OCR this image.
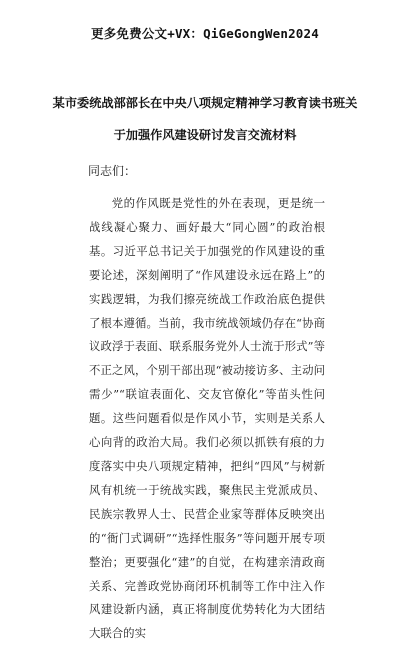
更多免费公文+VX：QiGeGongWen2024
某市委统战部部长在中央八项规定精神学习教育读书班关
于加强作风建设研讨发言交流材料
同志们：
党的作风既是党性的外在表现，更是统一战线凝心聚力、画好最大“同心圆”的政治根基。习近平总书记关于加强党的作风建设的重要论述，深刻阐明了“作风建设永远在路上”的实践逻辑，为我们擦亮统战工作政治底色提供了根本遵循。当前，我市统战领域仍存在“协商议政浮于表面、联系服务党外人士流于形式”等不正之风，个别干部出现“被动接访多、主动问需少”“联谊表面化、交友官僚化”等苗头性问题。这些问题看似是作风小节，实则是关系人心向背的政治大局。我们必须以抓铁有痕的力度落实中央八项规定精神，把纠“四风”与树新风有机统一于统战实践，聚焦民主党派成员、民族宗教界人士、民营企业家等群体反映突出的“衙门式调研”“选择性服务”等问题开展专项整治；更要强化“建”的自觉，在构建亲清政商关系、完善政党协商闭环机制等工作中注入作风建设新内涵，真正将制度优势转化为大团结大联合的实
